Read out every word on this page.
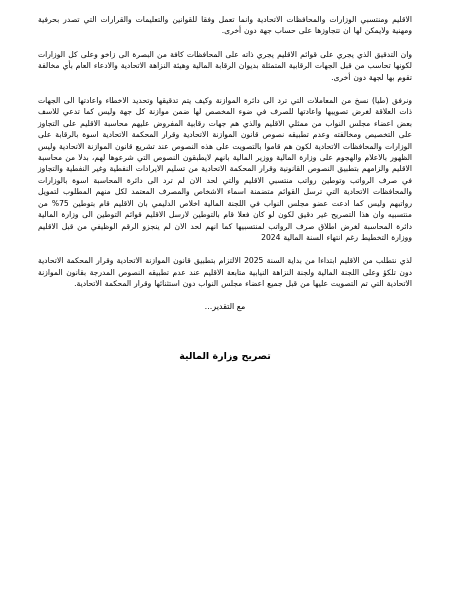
الاقليم ومنتسبي الوزارات والمحافظات الاتحادية وانما تعمل وفقا للقوانين والتعليمات والقرارات التي تصدر بحرفية ومهنية ولايمكن لها ان تتجاوزها على حساب جهة دون أخرى.

وان التدقيق الذي يجري على قوائم الاقليم يجري ذاته على المحافظات كافة من البصرة الى زاخو وعلى كل الوزارات لكونها تحاسب من قبل الجهات الرقابية المتمثلة بديوان الرقابة المالية وهيئة النزاهة الاتحادية والادعاء العام بأي مخالفة تقوم بها لجهة دون أخرى.

ونرفق (طيا) نسخ من المعاملات التي ترد الى دائرة الموازنة وكيف يتم تدقيقها وتحديد الاخطاء واعادتها الى الجهات ذات العلاقة لغرض تصويبها واعادتها للصرف في ضوء المخصص لها ضمن موازنة كل جهة وليس كما تدعي للاسف بعض اعضاء مجلس النواب من ممثلي الاقليم والذي هم جهات رقابية المفروض عليهم محاسبة الاقليم على التجاوز على التخصيص ومخالفته وعدم تطبيقه نصوص قانون الموازنة الاتحادية وقرار المحكمة الاتحادية اسوة بالرقابة على الوزارات والمحافظات الاتحادية لكون هم قاموا بالتصويت على هذه النصوص عند تشريع قانون الموازنة الاتحادية وليس الظهور بالاعلام والهجوم على وزارة المالية ووزير المالية بانهم لايطبقون النصوص التي شرعوها لهم، بدلا من محاسبة الاقليم والزامهم بتطبيق النصوص القانونية وقرار المحكمة الاتحادية من تسليم الايرادات النفطية وغير النفطية والتجاوز في صرف الرواتب وتوطين رواتب منتسبي الاقليم والتي لحد الان لم ترد الى دائرة المحاسبة اسوة بالوزارات والمحافظات الاتحادية التي ترسل القوائم متضمنة اسماء الاشخاص والمصرف المعتمد لكل منهم المطلوب لتمويل رواتبهم وليس كما ادعت عضو مجلس النواب في اللجنة المالية اخلاص الدليمي بان الاقليم قام بتوطين 75% من منتسبيه وان هذا التصريح غير دقيق لكون لو كان فعلا قام بالتوطين لارسل الاقليم قوائم التوطين الى وزارة المالية دائرة المحاسبة لغرض اطلاق صرف الرواتب لمنتسبيها كما انهم لحد الان لم ينجزو الرقم الوظيفي من قبل الاقليم ووزارة التخطيط رغم انتهاء السنة المالية 2024

لذي نتطلب من الاقليم ابتداءا من بداية السنة 2025 الالتزام بتطبيق قانون الموازنة الاتحادية وقرار المحكمة الاتحادية دون تلكؤ وعلى اللجنة المالية ولجنة النزاهة النيابية متابعة الاقليم عند عدم تطبيقه النصوص المدرجة بقانون الموازنة الاتحادية التي تم التصويت عليها من قبل جميع اعضاء مجلس النواب دون استثنائها وقرار المحكمة الاتحادية.

مع التقدير...

تصريح وزارة المالية
